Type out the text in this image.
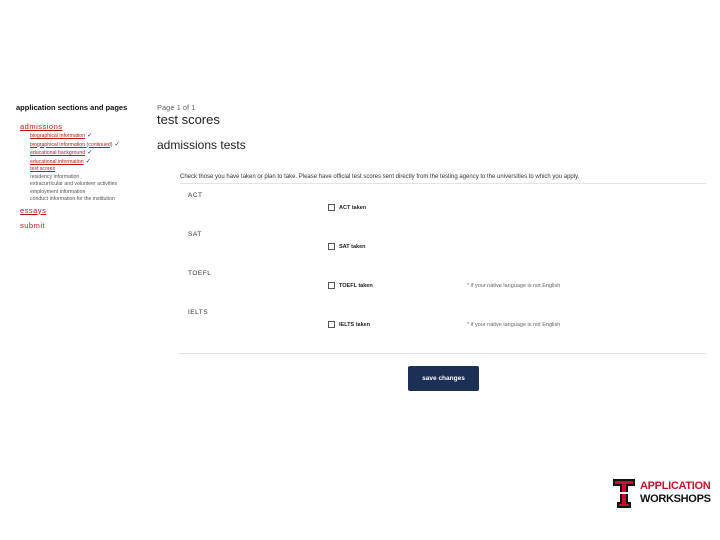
application sections and pages
admissions
biographical information ✓
biographical information (continued) ✓
educational background ✓
educational information ✓
test scores
residency information
extracurricular and volunteer activities
employment information
conduct information for the institution
essays
submit
Page 1 of 1
test scores
admissions tests
Check those you have taken or plan to take. Please have official test scores sent directly from the testing agency to the universities to which you apply.
ACT
ACT taken
SAT
SAT taken
TOEFL
TOEFL taken	* if your native language is not English
IELTS
IELTS taken	* if your native language is not English
save changes
APPLICATION
WORKSHOPS
